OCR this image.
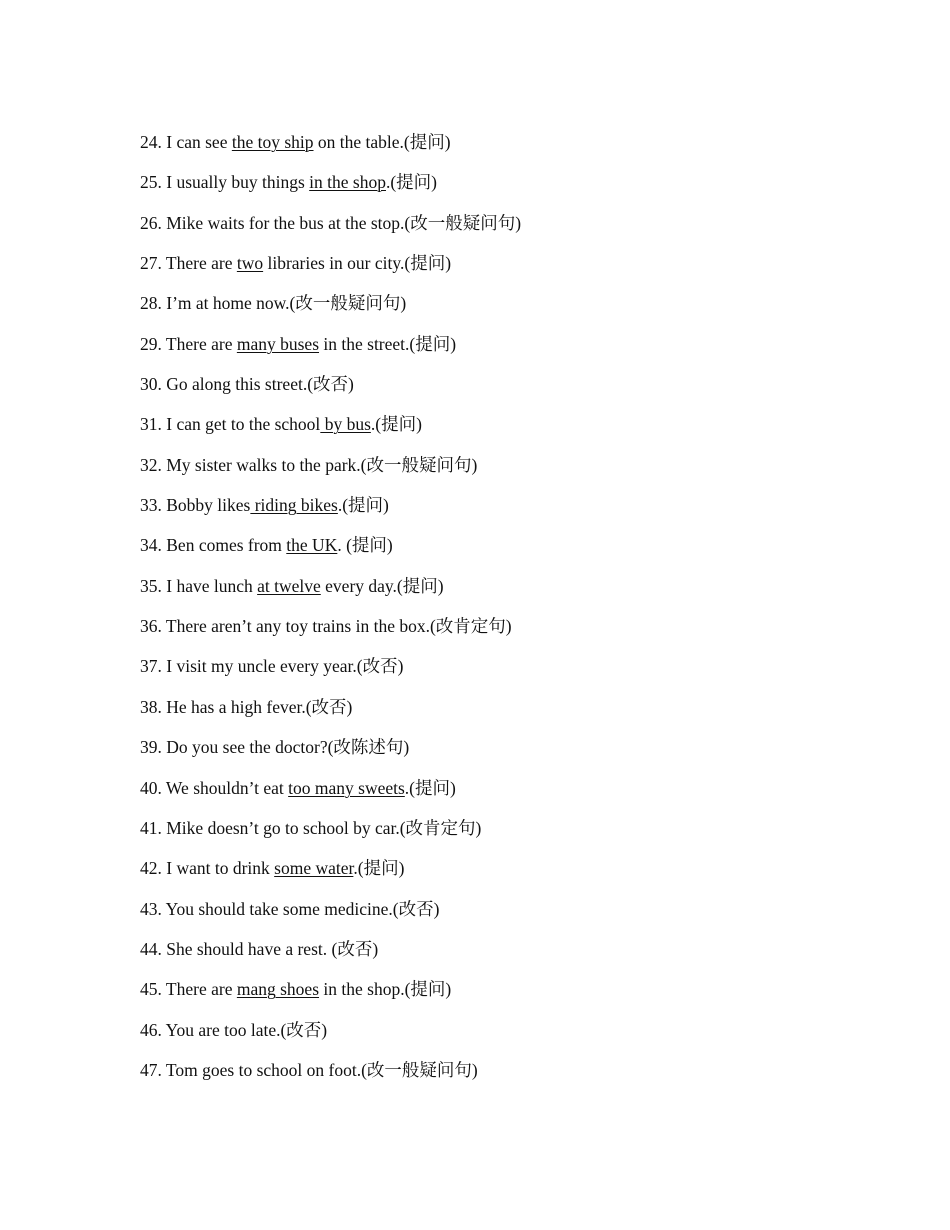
24. I can see the toy ship on the table.(提问)
25. I usually buy things in the shop.(提问)
26. Mike waits for the bus at the stop.(改一般疑问句)
27. There are two libraries in our city.(提问)
28. I’m at home now.(改一般疑问句)
29. There are many buses in the street.(提问)
30. Go along this street.(改否)
31. I can get to the school by bus.(提问)
32. My sister walks to the park.(改一般疑问句)
33. Bobby likes riding bikes.(提问)
34. Ben comes from the UK. (提问)
35. I have lunch at twelve every day.(提问)
36. There aren’t any toy trains in the box.(改肯定句)
37. I visit my uncle every year.(改否)
38. He has a high fever.(改否)
39. Do you see the doctor?(改陈述句)
40. We shouldn’t eat too many sweets.(提问)
41. Mike doesn’t go to school by car.(改肯定句)
42. I want to drink some water.(提问)
43. You should take some medicine.(改否)
44. She should have a rest. (改否)
45. There are mang shoes in the shop.(提问)
46. You are too late.(改否)
47. Tom goes to school on foot.(改一般疑问句)
